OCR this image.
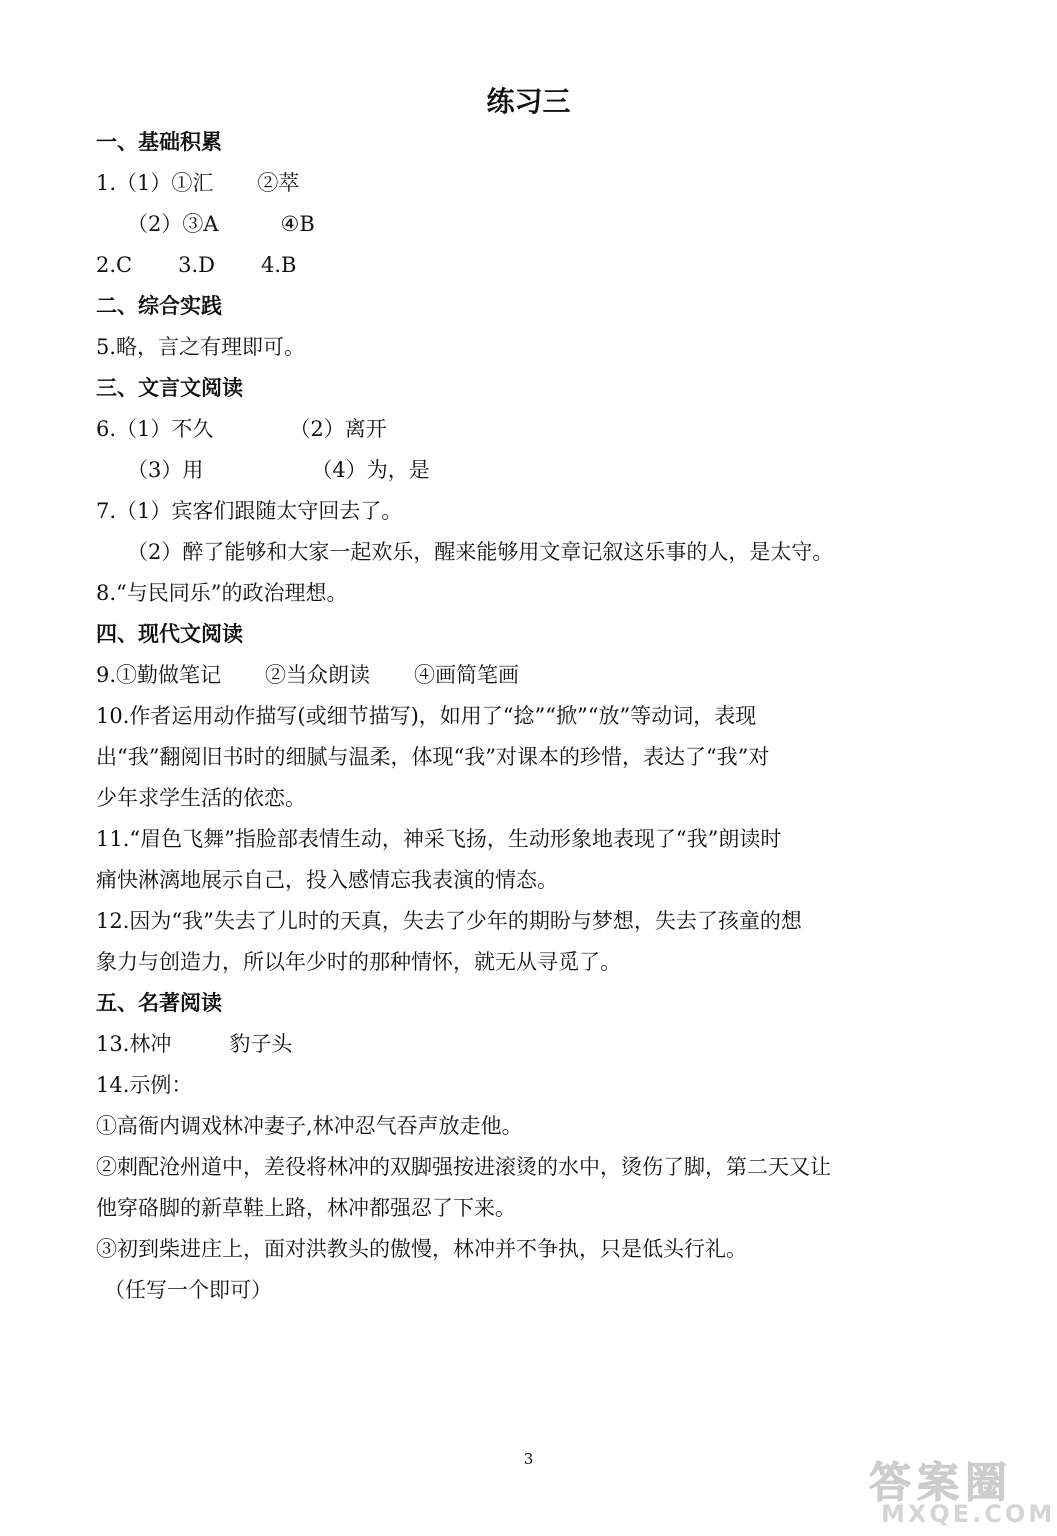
练习三
一、基础积累
1.（1）①汇 ②萃
（2）③A	④B
2.C 3.D 4.B
二、综合实践
5.略，言之有理即可。
三、文言文阅读
6.（1）不久	（2）离开
（3）用	（4）为，是
7.（1）宾客们跟随太守回去了。
（2）醉了能够和大家一起欢乐，醒来能够用文章记叙这乐事的人，是太守。
8.“与民同乐”的政治理想。
四、现代文阅读
9.①勤做笔记 ②当众朗读 ④画简笔画
10.作者运用动作描写(或细节描写)，如用了“捻”“掀”“放”等动词，表现
出“我”翻阅旧书时的细腻与温柔，体现“我”对课本的珍惜，表达了“我”对
少年求学生活的依恋。
11.“眉色飞舞”指脸部表情生动，神采飞扬，生动形象地表现了“我”朗读时
痛快淋漓地展示自己，投入感情忘我表演的情态。
12.因为“我”失去了儿时的天真，失去了少年的期盼与梦想，失去了孩童的想
象力与创造力，所以年少时的那种情怀，就无从寻觅了。
五、名著阅读
13.林冲	豹子头
14.示例：
①高衙内调戏林冲妻子,林冲忍气吞声放走他。
②刺配沧州道中，差役将林冲的双脚强按进滚烫的水中，烫伤了脚，第二天又让
他穿硌脚的新草鞋上路，林冲都强忍了下来。
③初到柴进庄上，面对洪教头的傲慢，林冲并不争执，只是低头行礼。
（任写一个即可）
3	答案圈
MXQE.COM
